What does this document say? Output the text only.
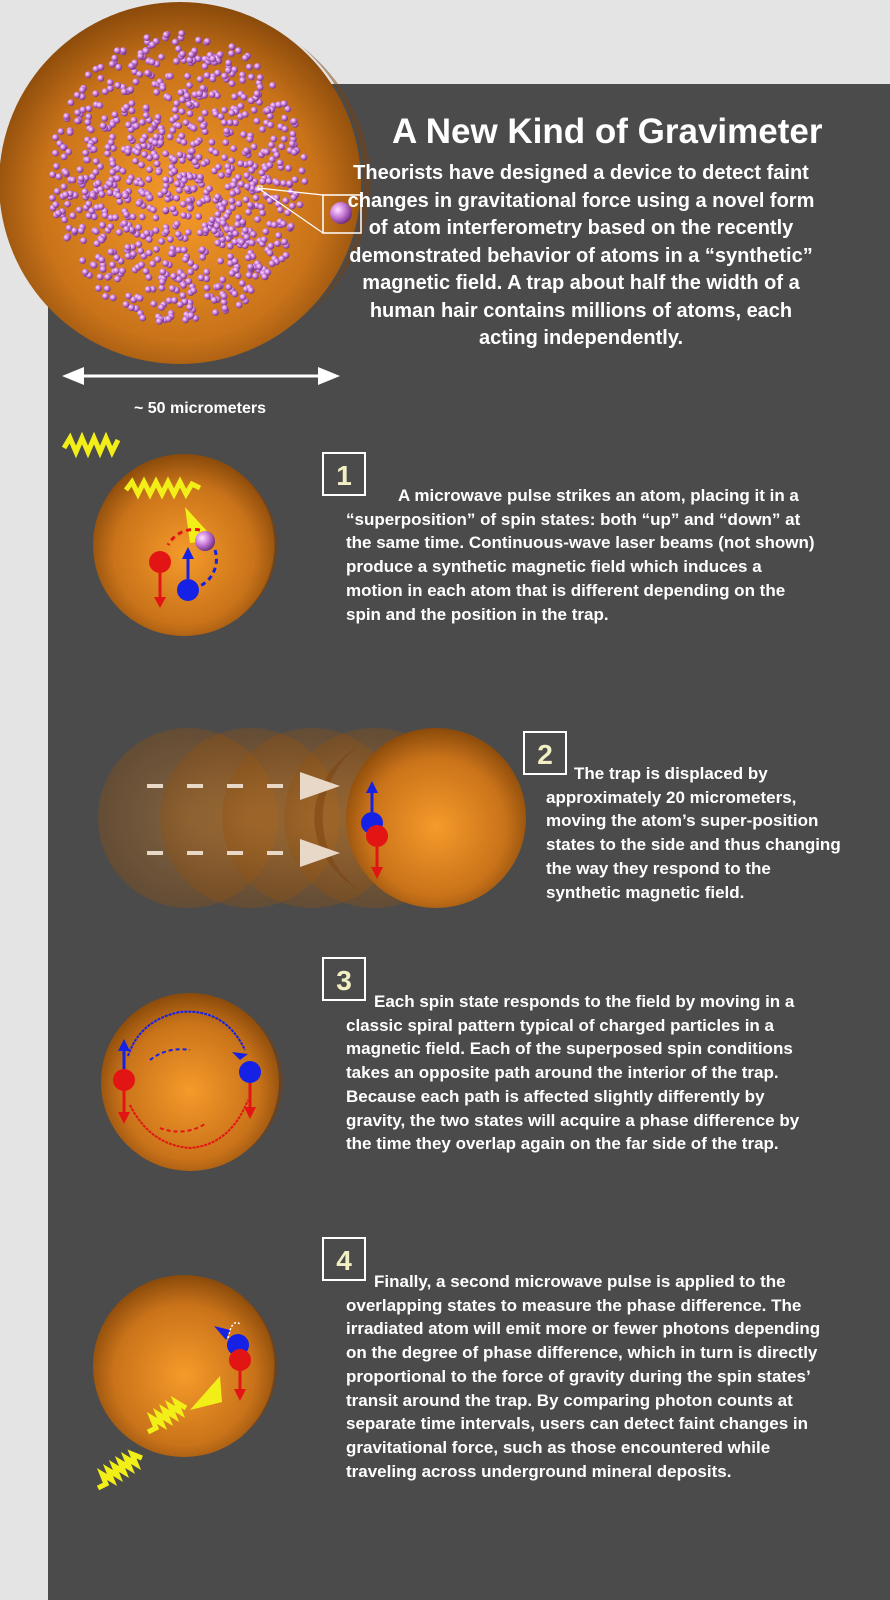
A New Kind of Gravimeter
Theorists have designed a device to detect faint changes in gravitational force using a novel form of atom interferometry based on the recently demonstrated behavior of atoms in a “synthetic” magnetic field. A trap about half the width of a human hair contains millions of atoms, each acting independently.
~ 50 micrometers
1
A microwave pulse strikes an atom, placing it in a “superposition” of spin states: both “up” and “down” at the same time. Continuous-wave laser beams (not shown) produce a synthetic magnetic field which induces a motion in each atom that is different depending on the spin and the position in the trap.
2
The trap is displaced by approximately 20 micrometers, moving the atom’s super-position states to the side and thus changing the way they respond to the synthetic magnetic field.
3
Each spin state responds to the field by moving in a classic spiral pattern typical of charged particles in a magnetic field. Each of the superposed spin conditions takes an opposite path around the interior of the trap. Because each path is affected slightly differently by gravity, the two states will acquire a phase difference by the time they overlap again on the far side of the trap.
4
Finally, a second microwave pulse is applied to the overlapping states to measure the phase difference. The irradiated atom will emit more or fewer photons depending on the degree of phase difference, which in turn is directly proportional to the force of gravity during the spin states’ transit around the trap. By comparing photon counts at separate time intervals, users can detect faint changes in gravitational force, such as those encountered while traveling across underground mineral deposits.
